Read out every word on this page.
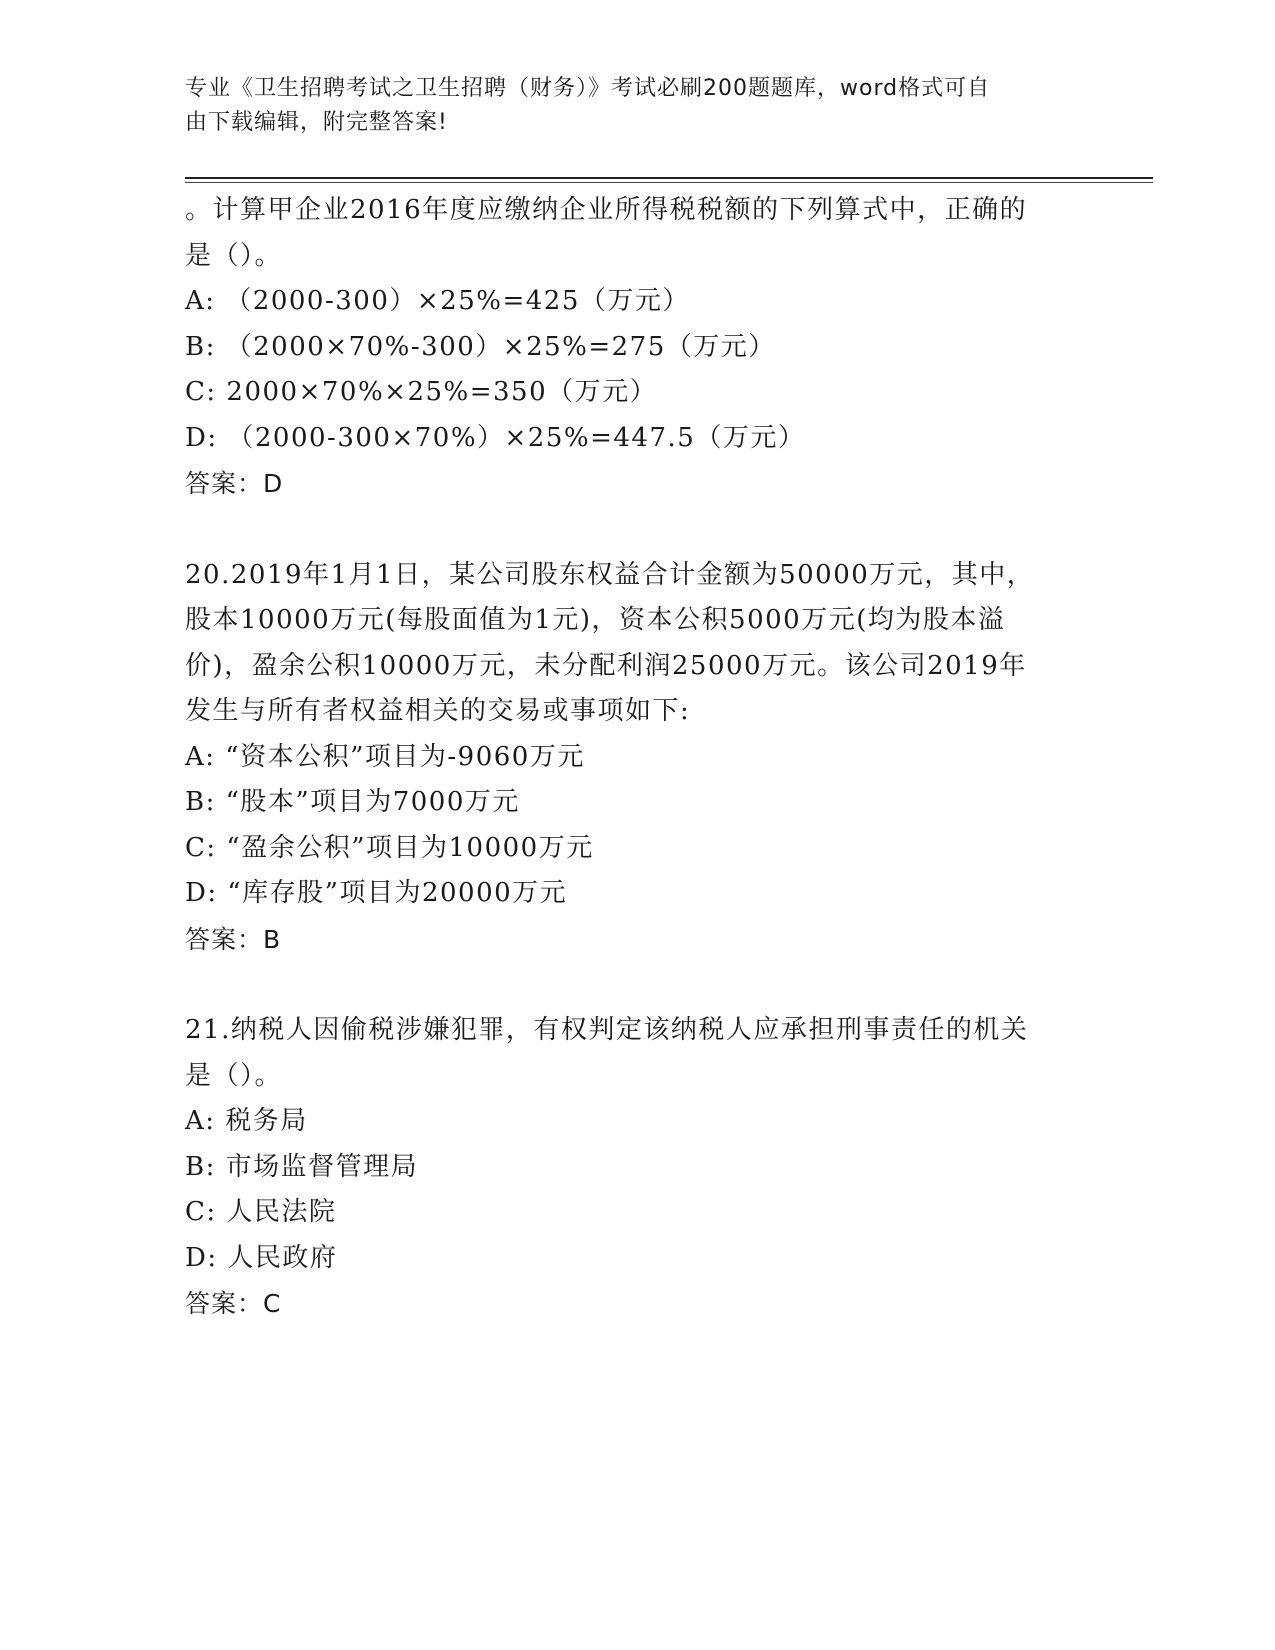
专业《卫生招聘考试之卫生招聘（财务）》考试必刷200题题库，word格式可自
由下载编辑，附完整答案!

。计算甲企业2016年度应缴纳企业所得税税额的下列算式中，正确的

是（）。

A: （2000-300）×25%=425（万元）

B: （2000×70%-300）×25%=275（万元）

C: 2000×70%×25%=350（万元）

D: （2000-300×70%）×25%=447.5（万元）

答案：D

20.2019年1月1日，某公司股东权益合计金额为50000万元，其中，

股本10000万元(每股面值为1元)，资本公积5000万元(均为股本溢

价)，盈余公积10000万元，未分配利润25000万元。该公司2019年

发生与所有者权益相关的交易或事项如下:

A: “资本公积”项目为-9060万元

B: “股本”项目为7000万元

C: “盈余公积”项目为10000万元

D: “库存股”项目为20000万元

答案：B

21.纳税人因偷税涉嫌犯罪，有权判定该纳税人应承担刑事责任的机关

是（）。

A: 税务局

B: 市场监督管理局

C: 人民法院

D: 人民政府

答案：C
